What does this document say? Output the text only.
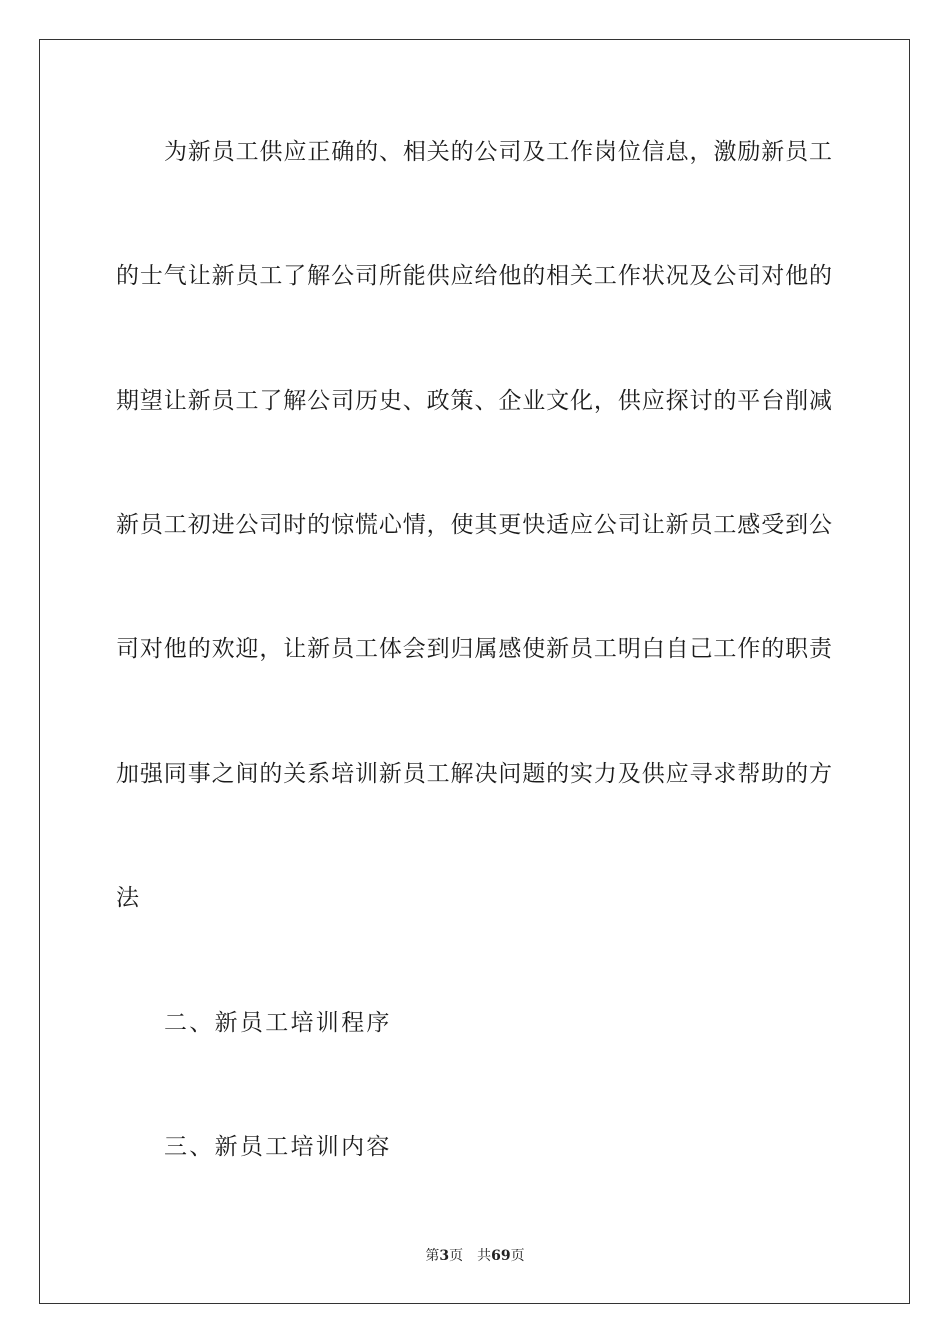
为新员工供应正确的、相关的公司及工作岗位信息，激励新员工
的士气让新员工了解公司所能供应给他的相关工作状况及公司对他的
期望让新员工了解公司历史、政策、企业文化，供应探讨的平台削减
新员工初进公司时的惊慌心情，使其更快适应公司让新员工感受到公
司对他的欢迎，让新员工体会到归属感使新员工明白自己工作的职责
加强同事之间的关系培训新员工解决问题的实力及供应寻求帮助的方
法
二、新员工培训程序
三、新员工培训内容
第3页 共69页
